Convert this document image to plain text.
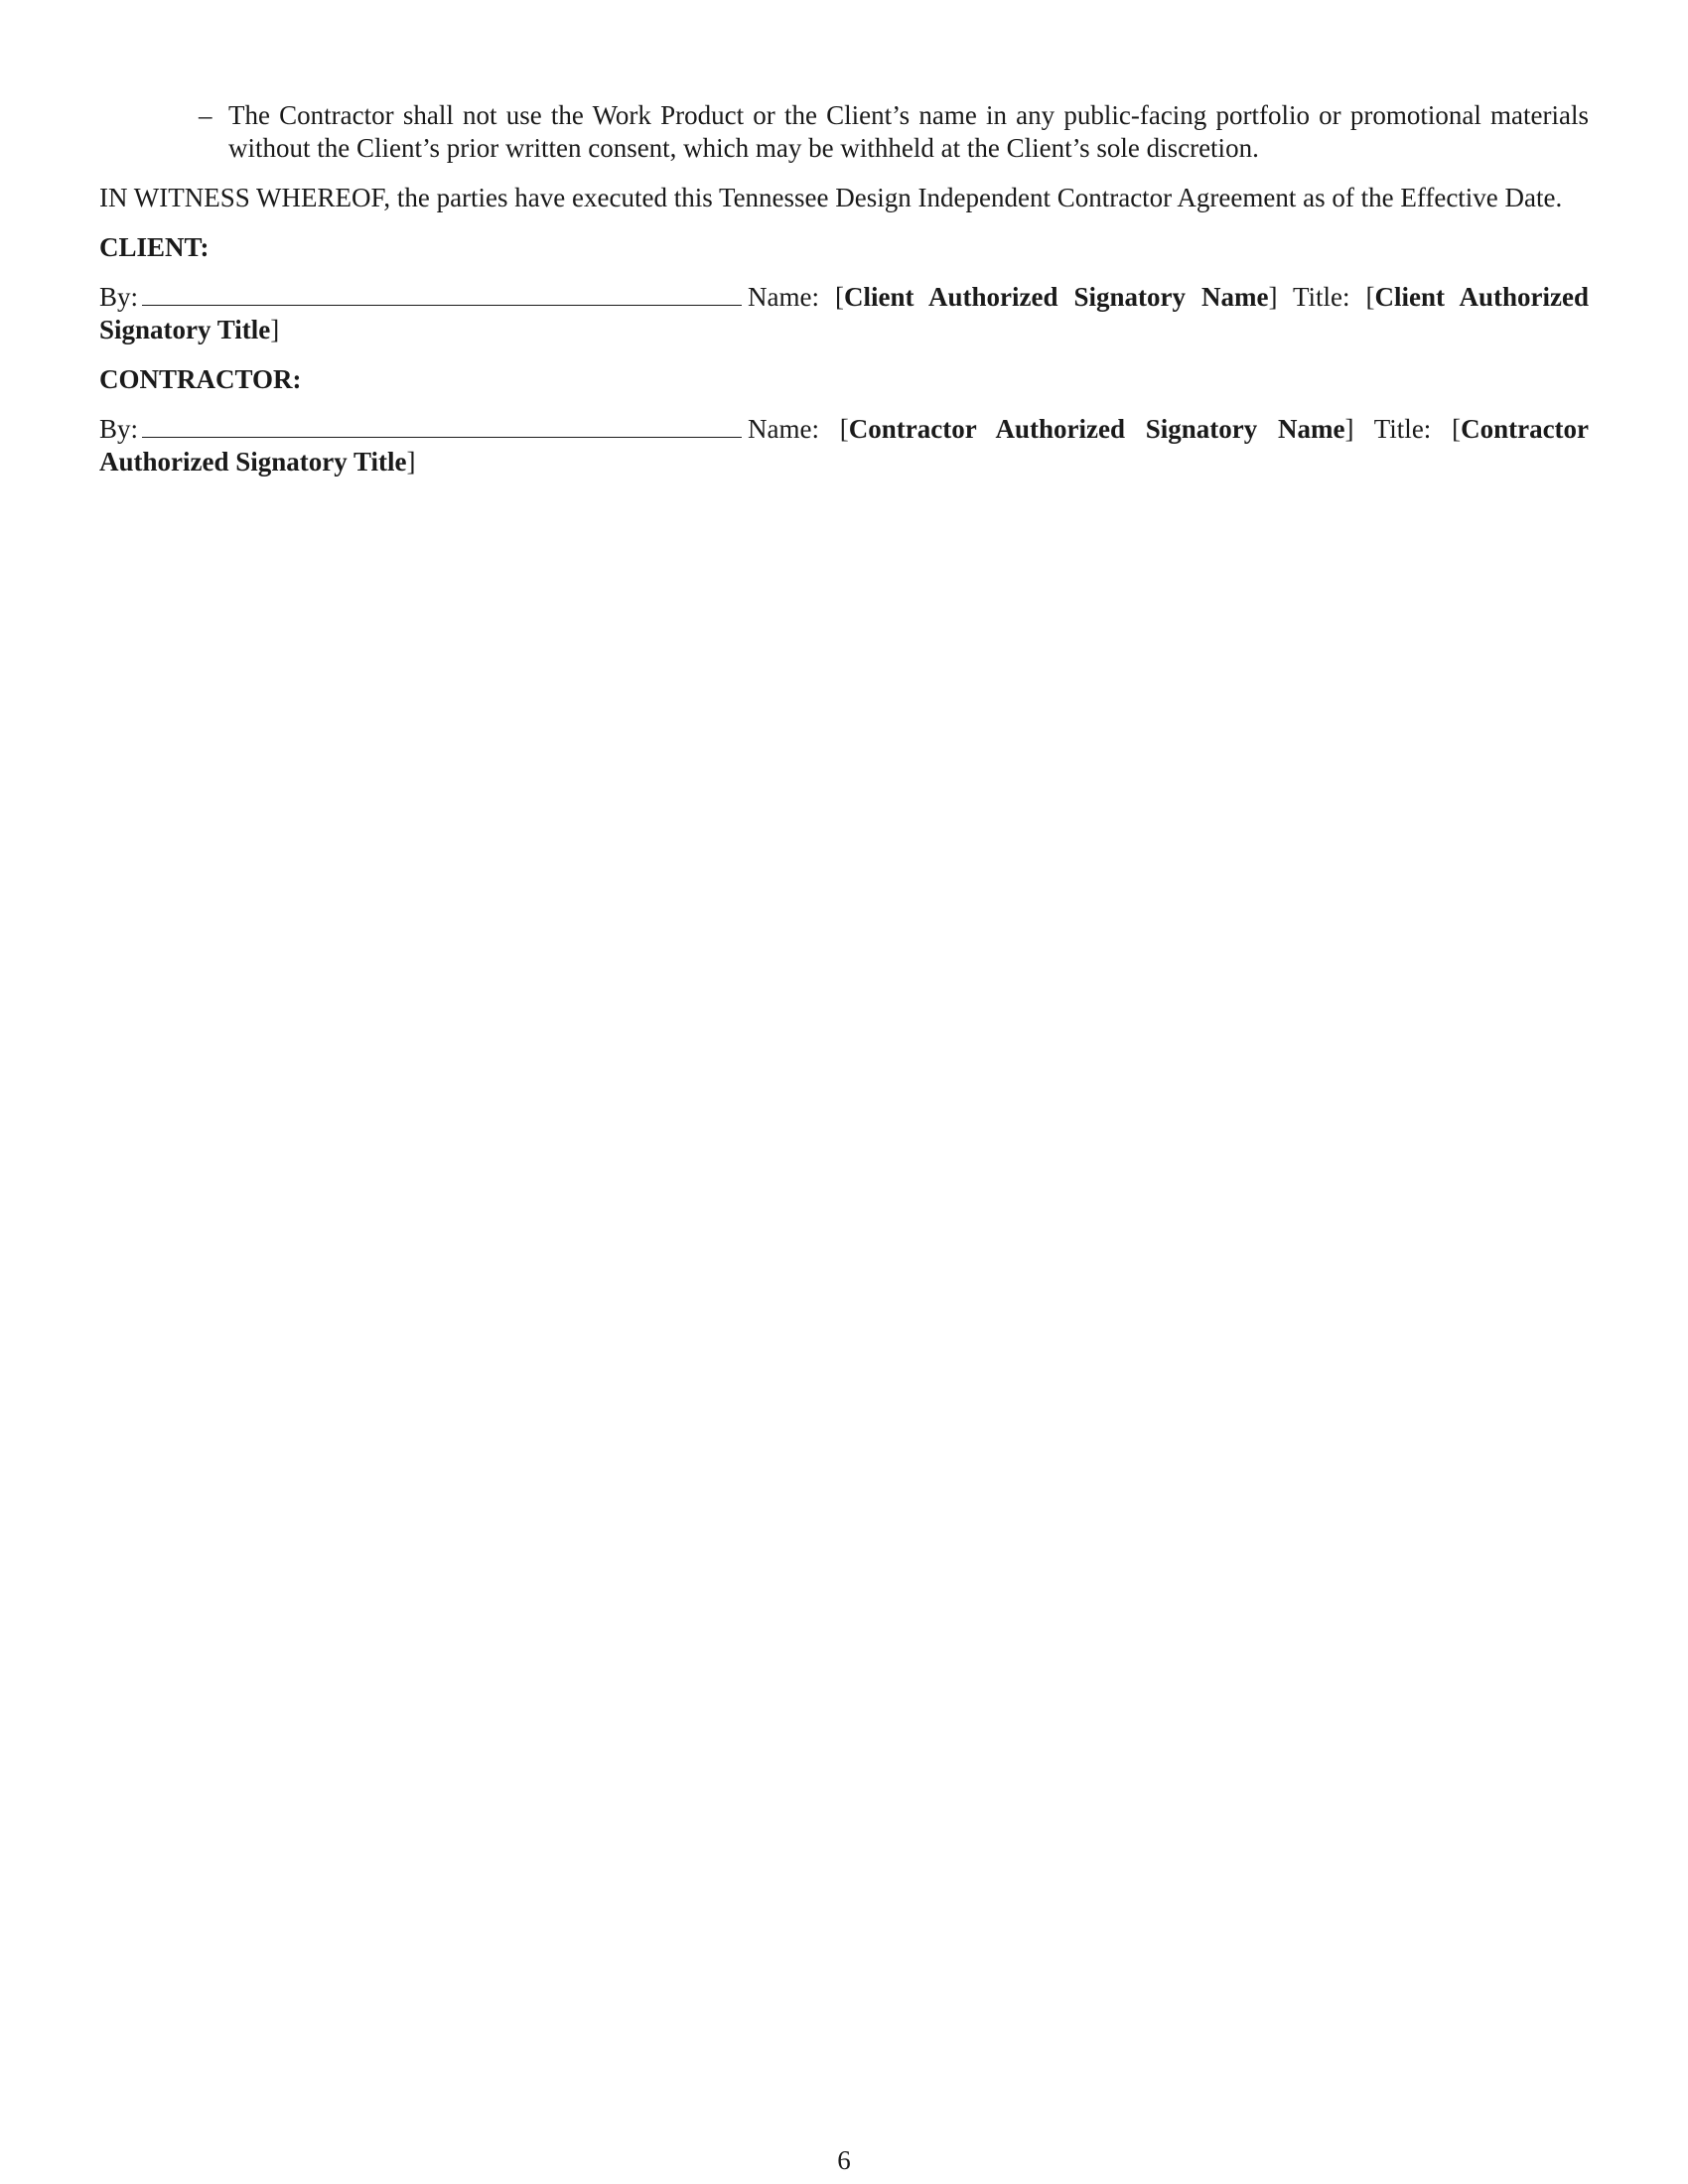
– The Contractor shall not use the Work Product or the Client’s name in any public-facing portfolio or promotional materials without the Client’s prior written consent, which may be withheld at the Client’s sole discretion.

IN WITNESS WHEREOF, the parties have executed this Tennessee Design Independent Contractor Agreement as of the Effective Date.

CLIENT:

By:	Name: [Client Authorized Signatory Name] Title: [Client Authorized Signatory Title]

CONTRACTOR:

By:	Name: [Contractor Authorized Signatory Name] Title: [Contractor Authorized Signatory Title]

6
